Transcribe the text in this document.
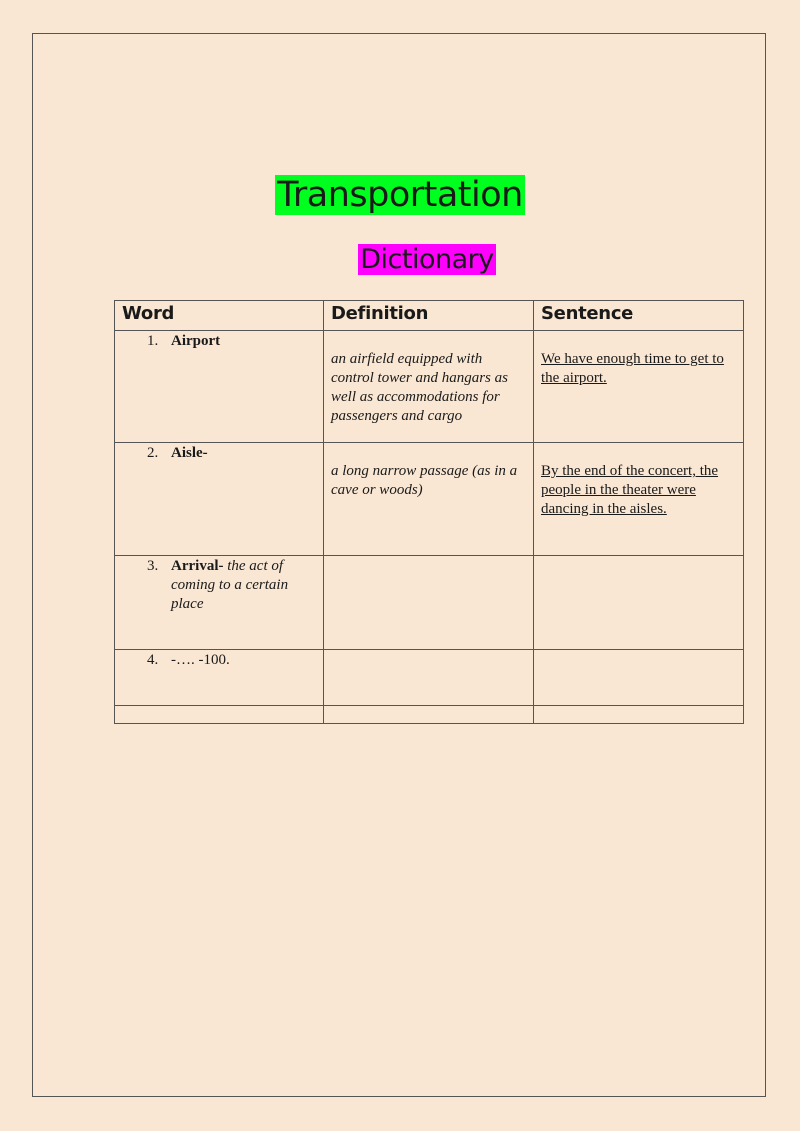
Transportation
Dictionary
Word	Definition	Sentence

1. Airport	an airfield equipped with control tower and hangars as well as accommodations for passengers and cargo	We have enough time to get to the airport.

2. Aisle-	a long narrow passage (as in a cave or woods)	By the end of the concert, the people in the theater were dancing in the aisles.

3. Arrival- the act of coming to a certain place		

4. -…. -100.		
